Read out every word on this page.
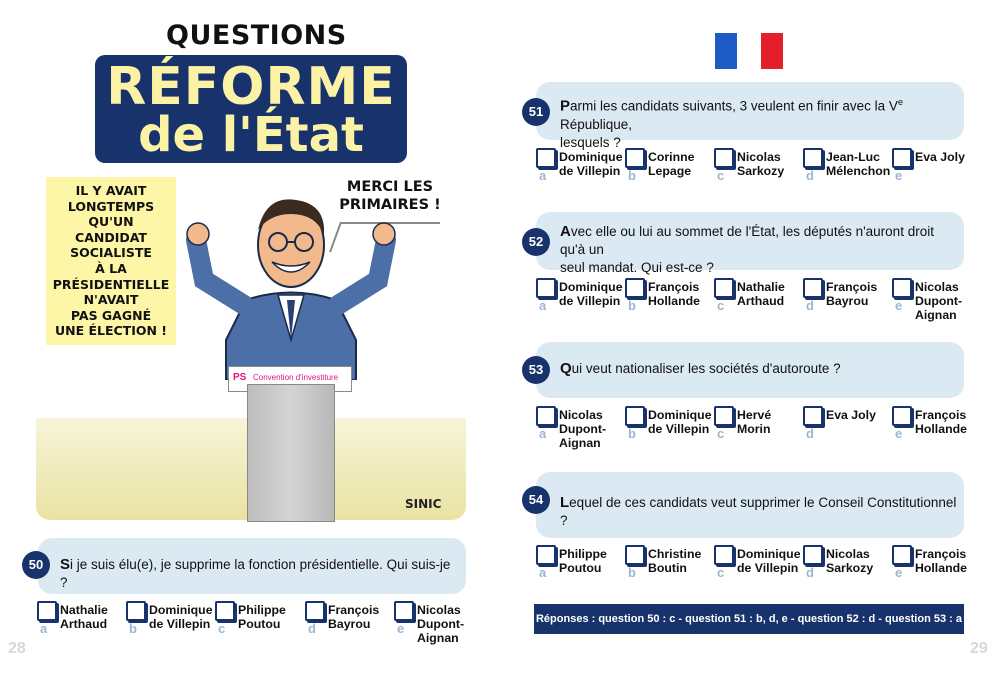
QUESTIONS
RÉFORME
de l'État
IL Y AVAIT
LONGTEMPS
QU'UN
CANDIDAT
SOCIALISTE
À LA
PRÉSIDENTIELLE
N'AVAIT
PAS GAGNÉ
UNE ÉLECTION !
MERCI LES
PRIMAIRES !
PS Convention d'investiture
SINIC
50	Si je suis élu(e), je supprime la fonction présidentielle. Qui suis-je ?
a
Nathalie Arthaud	b
Dominique de Villepin c
Philippe Poutou	d
François Bayrou	e
Nicolas Dupont-Aignan
28
51	Parmi les candidats suivants, 3 veulent en finir avec la Ve République,
lesquels ?
a
Dominique de Villepin b
Corinne Lepage	c
Nicolas Sarkozy	d
Jean-Luc Mélenchon e
Eva Joly
52
Avec elle ou lui au sommet de l'État, les députés n'auront droit qu'à un
seul mandat. Qui est-ce ?
a
Dominique de Villepin b
François Hollande	c
Nathalie Arthaud	d
François Bayrou	e
Nicolas Dupont-Aignan
53	Qui veut nationaliser les sociétés d'autoroute ?
a
Nicolas Dupont-Aignan
b
Dominique de Villepin c
Hervé Morin	d
Eva Joly
e
François Hollande
54	Lequel de ces candidats veut supprimer le Conseil Constitutionnel ?
a
Philippe Poutou	b
Christine Boutin	c
Dominique de Villepin d
Nicolas Sarkozy	e
François Hollande
Réponses : question 50 : c - question 51 : b, d, e - question 52 : d - question 53 : a - question 54 : a	29
